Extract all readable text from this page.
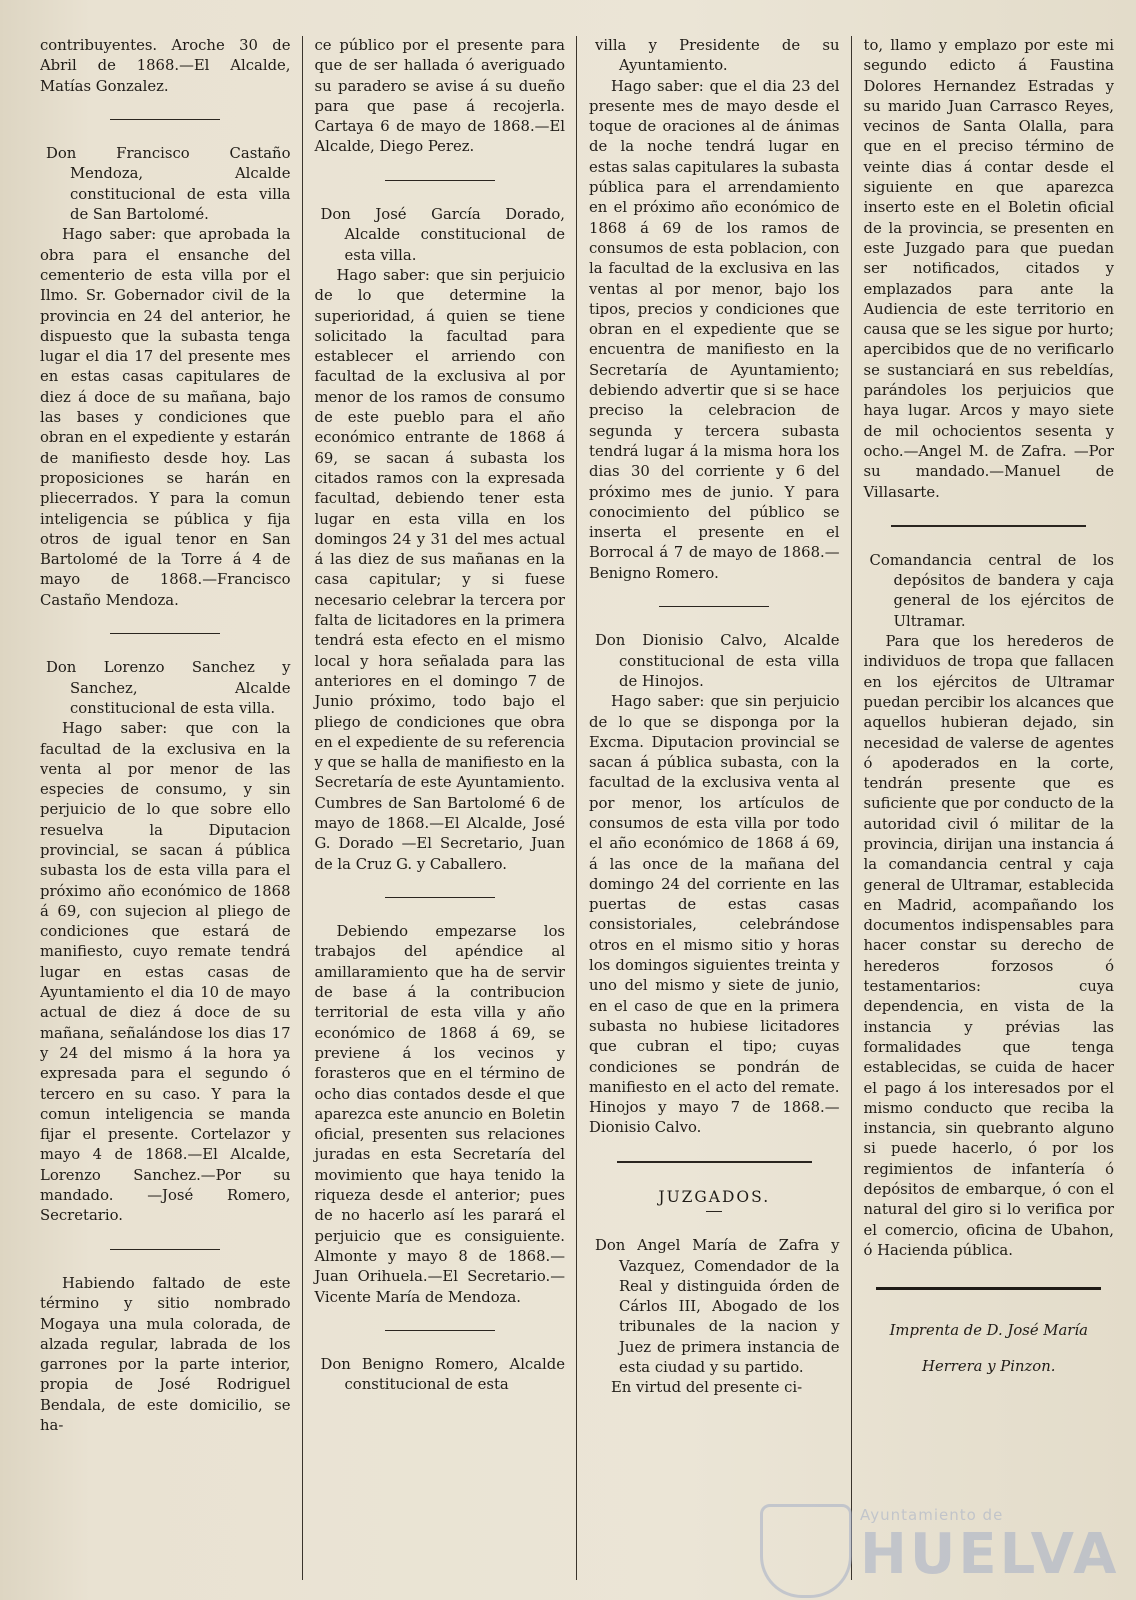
contribuyentes. Aroche 30 de Abril de 1868.—El Alcalde, Matías Gonzalez.

Don Francisco Castaño Mendoza, Alcalde constitucional de esta villa de San Bartolomé.

Hago saber: que aprobada la obra para el ensanche del cementerio de esta villa por el Ilmo. Sr. Gobernador civil de la provincia en 24 del anterior, he dispuesto que la subasta tenga lugar el dia 17 del presente mes en estas casas capitulares de diez á doce de su mañana, bajo las bases y condiciones que obran en el expediente y estarán de manifiesto desde hoy. Las proposiciones se harán en pliecerrados. Y para la comun inteligencia se pública y fija otros de igual tenor en San Bartolomé de la Torre á 4 de mayo de 1868.—Francisco Castaño Mendoza.

Don Lorenzo Sanchez y Sanchez, Alcalde constitucional de esta villa.

Hago saber: que con la facultad de la exclusiva en la venta al por menor de las especies de consumo, y sin perjuicio de lo que sobre ello resuelva la Diputacion provincial, se sacan á pública subasta los de esta villa para el próximo año económico de 1868 á 69, con sujecion al pliego de condiciones que estará de manifiesto, cuyo remate tendrá lugar en estas casas de Ayuntamiento el dia 10 de mayo actual de diez á doce de su mañana, señalándose los dias 17 y 24 del mismo á la hora ya expresada para el segundo ó tercero en su caso. Y para la comun inteligencia se manda fijar el presente. Cortelazor y mayo 4 de 1868.—El Alcalde, Lorenzo Sanchez.—Por su mandado. —José Romero, Secretario.

Habiendo faltado de este término y sitio nombrado Mogaya una mula colorada, de alzada regular, labrada de los garrones por la parte interior, propia de José Rodriguel Bendala, de este domicilio, se ha-

ce público por el presente para que de ser hallada ó averiguado su paradero se avise á su dueño para que pase á recojerla. Cartaya 6 de mayo de 1868.—El Alcalde, Diego Perez.

Don José García Dorado, Alcalde constitucional de esta villa.

Hago saber: que sin perjuicio de lo que determine la superioridad, á quien se tiene solicitado la facultad para establecer el arriendo con facultad de la exclusiva al por menor de los ramos de consumo de este pueblo para el año económico entrante de 1868 á 69, se sacan á subasta los citados ramos con la expresada facultad, debiendo tener esta lugar en esta villa en los domingos 24 y 31 del mes actual á las diez de sus mañanas en la casa capitular; y si fuese necesario celebrar la tercera por falta de licitadores en la primera tendrá esta efecto en el mismo local y hora señalada para las anteriores en el domingo 7 de Junio próximo, todo bajo el pliego de condiciones que obra en el expediente de su referencia y que se halla de manifiesto en la Secretaría de este Ayuntamiento. Cumbres de San Bartolomé 6 de mayo de 1868.—El Alcalde, José G. Dorado —El Secretario, Juan de la Cruz G. y Caballero.

Debiendo empezarse los trabajos del apéndice al amillaramiento que ha de servir de base á la contribucion territorial de esta villa y año económico de 1868 á 69, se previene á los vecinos y forasteros que en el término de ocho dias contados desde el que aparezca este anuncio en Boletin oficial, presenten sus relaciones juradas en esta Secretaría del movimiento que haya tenido la riqueza desde el anterior; pues de no hacerlo así les parará el perjuicio que es consiguiente. Almonte y mayo 8 de 1868.—Juan Orihuela.—El Secretario.—Vicente María de Mendoza.

Don Benigno Romero, Alcalde constitucional de esta

villa y Presidente de su Ayuntamiento.

Hago saber: que el dia 23 del presente mes de mayo desde el toque de oraciones al de ánimas de la noche tendrá lugar en estas salas capitulares la subasta pública para el arrendamiento en el próximo año económico de 1868 á 69 de los ramos de consumos de esta poblacion, con la facultad de la exclusiva en las ventas al por menor, bajo los tipos, precios y condiciones que obran en el expediente que se encuentra de manifiesto en la Secretaría de Ayuntamiento; debiendo advertir que si se hace preciso la celebracion de segunda y tercera subasta tendrá lugar á la misma hora los dias 30 del corriente y 6 del próximo mes de junio. Y para conocimiento del público se inserta el presente en el Borrocal á 7 de mayo de 1868.—Benigno Romero.

Don Dionisio Calvo, Alcalde constitucional de esta villa de Hinojos.

Hago saber: que sin perjuicio de lo que se disponga por la Excma. Diputacion provincial se sacan á pública subasta, con la facultad de la exclusiva venta al por menor, los artículos de consumos de esta villa por todo el año económico de 1868 á 69, á las once de la mañana del domingo 24 del corriente en las puertas de estas casas consistoriales, celebrándose otros en el mismo sitio y horas los domingos siguientes treinta y uno del mismo y siete de junio, en el caso de que en la primera subasta no hubiese licitadores que cubran el tipo; cuyas condiciones se pondrán de manifiesto en el acto del remate. Hinojos y mayo 7 de 1868.—Dionisio Calvo.

JUZGADOS.

Don Angel María de Zafra y Vazquez, Comendador de la Real y distinguida órden de Cárlos III, Abogado de los tribunales de la nacion y Juez de primera instancia de esta ciudad y su partido.

En virtud del presente ci-

to, llamo y emplazo por este mi segundo edicto á Faustina Dolores Hernandez Estradas y su marido Juan Carrasco Reyes, vecinos de Santa Olalla, para que en el preciso término de veinte dias á contar desde el siguiente en que aparezca inserto este en el Boletin oficial de la provincia, se presenten en este Juzgado para que puedan ser notificados, citados y emplazados para ante la Audiencia de este territorio en causa que se les sigue por hurto; apercibidos que de no verificarlo se sustanciará en sus rebeldías, parándoles los perjuicios que haya lugar. Arcos y mayo siete de mil ochocientos sesenta y ocho.—Angel M. de Zafra. —Por su mandado.—Manuel de Villasarte.

Comandancia central de los depósitos de bandera y caja general de los ejércitos de Ultramar.

Para que los herederos de individuos de tropa que fallacen en los ejércitos de Ultramar puedan percibir los alcances que aquellos hubieran dejado, sin necesidad de valerse de agentes ó apoderados en la corte, tendrán presente que es suficiente que por conducto de la autoridad civil ó militar de la provincia, dirijan una instancia á la comandancia central y caja general de Ultramar, establecida en Madrid, acompañando los documentos indispensables para hacer constar su derecho de herederos forzosos ó testamentarios: cuya dependencia, en vista de la instancia y prévias las formalidades que tenga establecidas, se cuida de hacer el pago á los interesados por el mismo conducto que reciba la instancia, sin quebranto alguno si puede hacerlo, ó por los regimientos de infantería ó depósitos de embarque, ó con el natural del giro si lo verifica por el comercio, oficina de Ubahon, ó Hacienda pública.

Imprenta de D. José María

Herrera y Pinzon.

Ayuntamiento de
HUELVA
